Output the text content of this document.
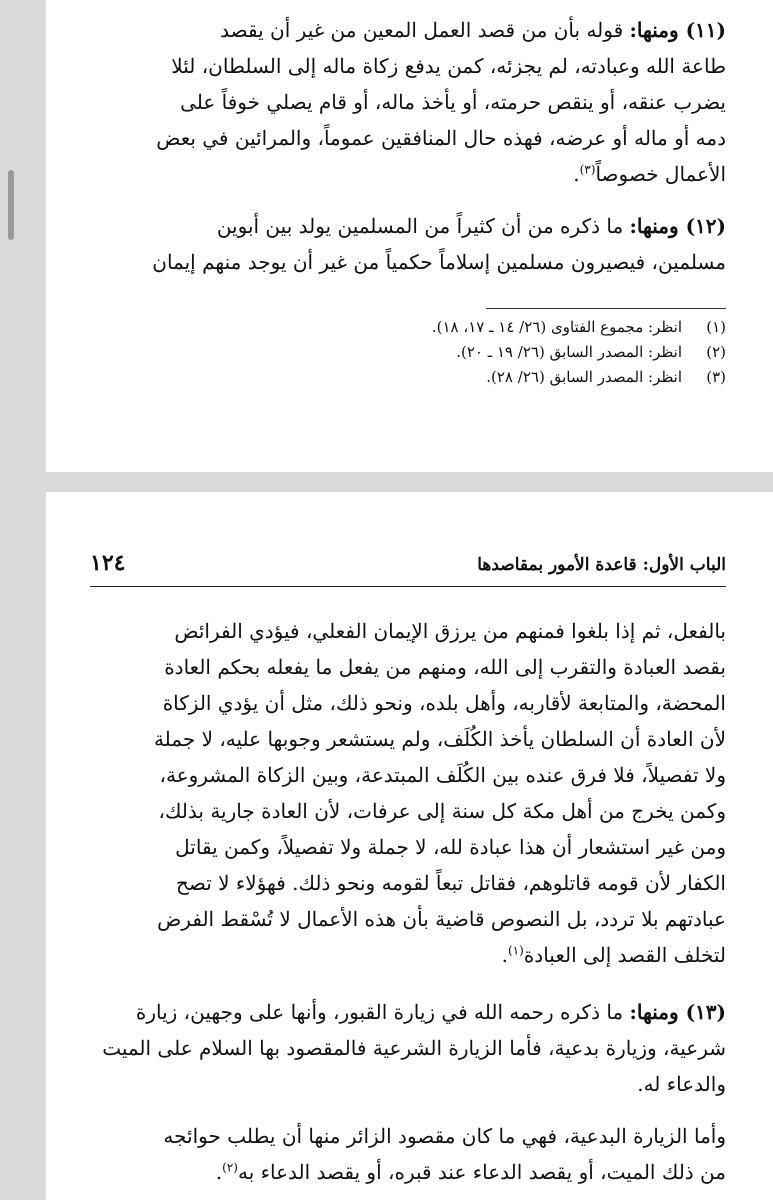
(١١) ومنها: قوله بأن من قصد العمل المعين من غير أن يقصد
طاعة الله وعبادته، لم يجزئه، كمن يدفع زكاة ماله إلى السلطان، لئلا
يضرب عنقه، أو ينقص حرمته، أو يأخذ ماله، أو قام يصلي خوفاً على
دمه أو ماله أو عرضه، فهذه حال المنافقين عموماً، والمرائين في بعض
الأعمال خصوصاً$^{(٣)}$.
(١٢) ومنها: ما ذكره من أن كثيراً من المسلمين يولد بين أبوين
مسلمين، فيصيرون مسلمين إسلاماً حكمياً من غير أن يوجد منهم إيمان
(١)
انظر: مجموع الفتاوى (٢٦/ ١٤ ـ ١٧، ١٨).
(٢)
انظر: المصدر السابق (٢٦/ ١٩ ـ ٢٠).
(٣)
انظر: المصدر السابق (٢٦/ ٢٨).
الباب الأول: قاعدة الأمور بمقاصدها
١٢٤
بالفعل، ثم إذا بلغوا فمنهم من يرزق الإيمان الفعلي، فيؤدي الفرائض
بقصد العبادة والتقرب إلى الله، ومنهم من يفعل ما يفعله بحكم العادة
المحضة، والمتابعة لأقاربه، وأهل بلده، ونحو ذلك، مثل أن يؤدي الزكاة
لأن العادة أن السلطان يأخذ الكُلَف، ولم يستشعر وجوبها عليه، لا جملة
ولا تفصيلاً، فلا فرق عنده بين الكُلَف المبتدعة، وبين الزكاة المشروعة،
وكمن يخرج من أهل مكة كل سنة إلى عرفات، لأن العادة جارية بذلك،
ومن غير استشعار أن هذا عبادة لله، لا جملة ولا تفصيلاً، وكمن يقاتل
الكفار لأن قومه قاتلوهم، فقاتل تبعاً لقومه ونحو ذلك. فهؤلاء لا تصح
عبادتهم بلا تردد، بل النصوص قاضية بأن هذه الأعمال لا تُسْقط الفرض
لتخلف القصد إلى العبادة$^{(١)}$.
(١٣) ومنها: ما ذكره رحمه الله في زيارة القبور، وأنها على وجهين، زيارة
شرعية، وزيارة بدعية، فأما الزيارة الشرعية فالمقصود بها السلام على الميت
والدعاء له.
وأما الزيارة البدعية، فهي ما كان مقصود الزائر منها أن يطلب حوائجه
من ذلك الميت، أو يقصد الدعاء عند قبره، أو يقصد الدعاء به$^{(٢)}$.
